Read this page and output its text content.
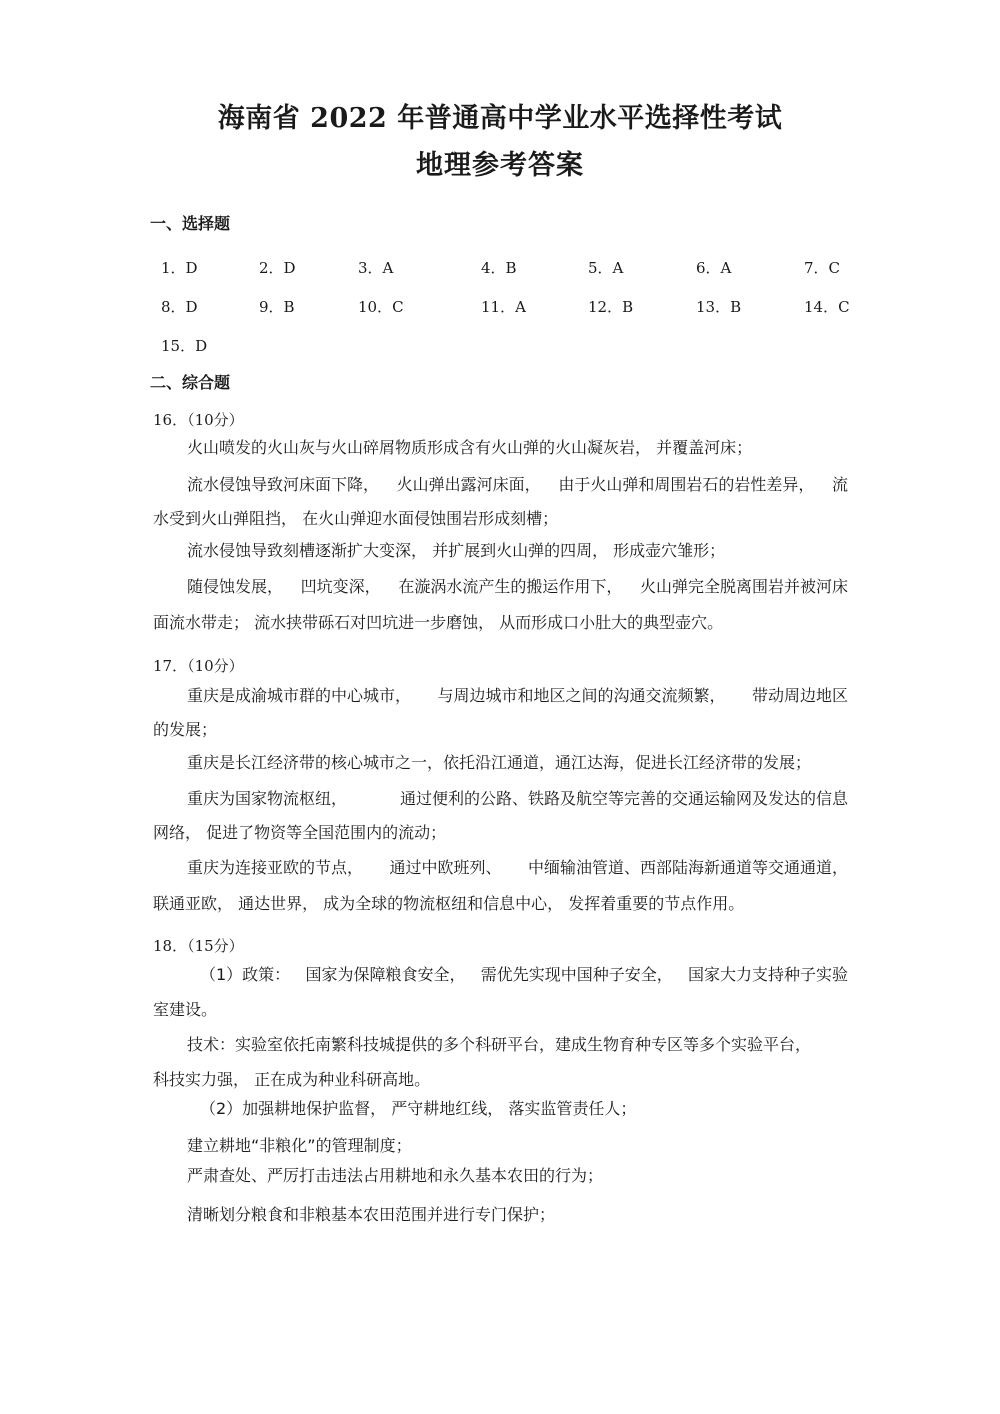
海南省 2022 年普通高中学业水平选择性考试
地理参考答案
一、选择题
1．D	2．D	3．A	4．B	5．A	6．A	7．C
8．D	9．B	10．C	11．A	12．B	13．B	14．C
15．D
二、综合题
16．（10分）
火山喷发的火山灰与火山碎屑物质形成含有火山弹的火山凝灰岩， 并覆盖河床；
流水侵蚀导致河床面下降， 火山弹出露河床面， 由于火山弹和周围岩石的岩性差异， 流
水受到火山弹阻挡， 在火山弹迎水面侵蚀围岩形成刻槽；
流水侵蚀导致刻槽逐渐扩大变深， 并扩展到火山弹的四周， 形成壶穴雏形；
随侵蚀发展， 凹坑变深， 在漩涡水流产生的搬运作用下， 火山弹完全脱离围岩并被河床
面流水带走； 流水挟带砾石对凹坑进一步磨蚀， 从而形成口小肚大的典型壶穴。
17．（10分）
重庆是成渝城市群的中心城市， 与周边城市和地区之间的沟通交流频繁， 带动周边地区
的发展；
重庆是长江经济带的核心城市之一，依托沿江通道，通江达海，促进长江经济带的发展；
重庆为国家物流枢纽，	通过便利的公路、铁路及航空等完善的交通运输网及发达的信息
网络， 促进了物资等全国范围内的流动；
重庆为连接亚欧的节点， 通过中欧班列、 中缅输油管道、西部陆海新通道等交通通道，
联通亚欧， 通达世界， 成为全球的物流枢纽和信息中心， 发挥着重要的节点作用。
18．（15分）
（1）政策： 国家为保障粮食安全， 需优先实现中国种子安全， 国家大力支持种子实验
室建设。
技术：实验室依托南繁科技城提供的多个科研平台，建成生物育种专区等多个实验平台，
科技实力强， 正在成为种业科研高地。
（2）加强耕地保护监督， 严守耕地红线， 落实监管责任人；
建立耕地“非粮化”的管理制度；
严肃查处、严厉打击违法占用耕地和永久基本农田的行为；
清晰划分粮食和非粮基本农田范围并进行专门保护；
